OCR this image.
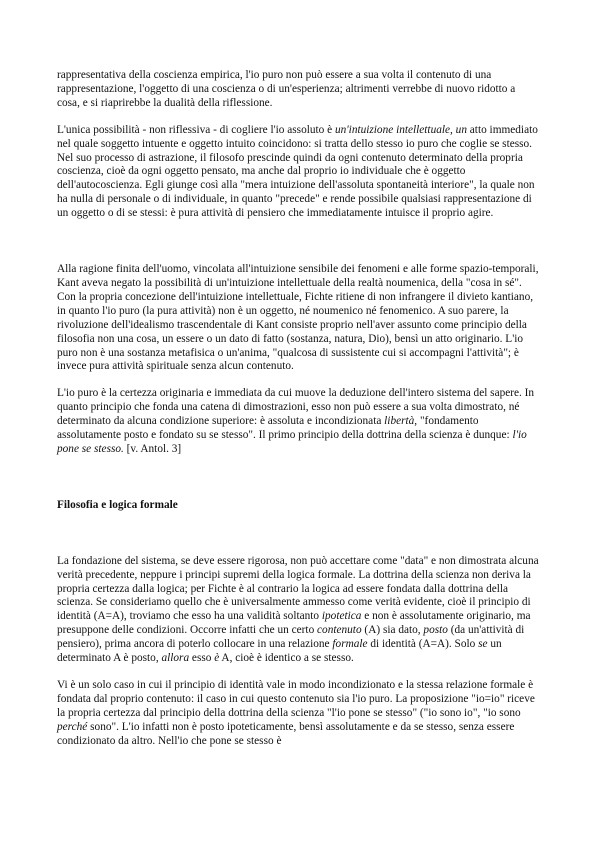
rappresentativa della coscienza empirica, l'io puro non può essere a sua volta il contenuto di una rappresentazione, l'oggetto di una coscienza o di un'esperienza; altrimenti verrebbe di nuovo ridotto a cosa, e si riaprirebbe la dualità della riflessione.

L'unica possibilità - non riflessiva - di cogliere l'io assoluto è un'intuizione intellettuale, un atto immediato nel quale soggetto intuente e oggetto intuito coincidono: si tratta dello stesso io puro che coglie se stesso. Nel suo processo di astrazione, il filosofo prescinde quindi da ogni contenuto determinato della propria coscienza, cioè da ogni oggetto pensato, ma anche dal proprio io individuale che è oggetto dell'autocoscienza. Egli giunge così alla "mera intuizione dell'assoluta spontaneità interiore", la quale non ha nulla di personale o di individuale, in quanto "precede" e rende possibile qualsiasi rappresentazione di un oggetto o di se stessi: è pura attività di pensiero che immediatamente intuisce il proprio agire.

Alla ragione finita dell'uomo, vincolata all'intuizione sensibile dei fenomeni e alle forme spazio-temporali, Kant aveva negato la possibilità di un'intuizione intellettuale della realtà noumenica, della "cosa in sé". Con la propria concezione dell'intuizione intellettuale, Fichte ritiene di non infrangere il divieto kantiano, in quanto l'io puro (la pura attività) non è un oggetto, né noumenico né fenomenico. A suo parere, la rivoluzione dell'idealismo trascendentale di Kant consiste proprio nell'aver assunto come principio della filosofia non una cosa, un essere o un dato di fatto (sostanza, natura, Dio), bensì un atto originario. L'io puro non è una sostanza metafisica o un'anima, "qualcosa di sussistente cui si accompagni l'attività"; è invece pura attività spirituale senza alcun contenuto.

L'io puro è la certezza originaria e immediata da cui muove la deduzione dell'intero sistema del sapere. In quanto principio che fonda una catena di dimostrazioni, esso non può essere a sua volta dimostrato, né determinato da alcuna condizione superiore: è assoluta e incondizionata libertà, "fondamento assolutamente posto e fondato su se stesso". Il primo principio della dottrina della scienza è dunque: l'io pone se stesso. [v. Antol. 3]

Filosofia e logica formale

La fondazione del sistema, se deve essere rigorosa, non può accettare come "data" e non dimostrata alcuna verità precedente, neppure i principi supremi della logica formale. La dottrina della scienza non deriva la propria certezza dalla logica; per Fichte è al contrario la logica ad essere fondata dalla dottrina della scienza. Se consideriamo quello che è universalmente ammesso come verità evidente, cioè il principio di identità (A=A), troviamo che esso ha una validità soltanto ipotetica e non è assolutamente originario, ma presuppone delle condizioni. Occorre infatti che un certo contenuto (A) sia dato, posto (da un'attività di pensiero), prima ancora di poterlo collocare in una relazione formale di identità (A=A). Solo se un determinato A è posto, allora esso è A, cioè è identico a se stesso.

Vi è un solo caso in cui il principio di identità vale in modo incondizionato e la stessa relazione formale è fondata dal proprio contenuto: il caso in cui questo contenuto sia l'io puro. La proposizione "io=io" riceve la propria certezza dal principio della dottrina della scienza "l'io pone se stesso" ("io sono io", "io sono perché sono". L'io infatti non è posto ipoteticamente, bensì assolutamente e da se stesso, senza essere condizionato da altro. Nell'io che pone se stesso è
